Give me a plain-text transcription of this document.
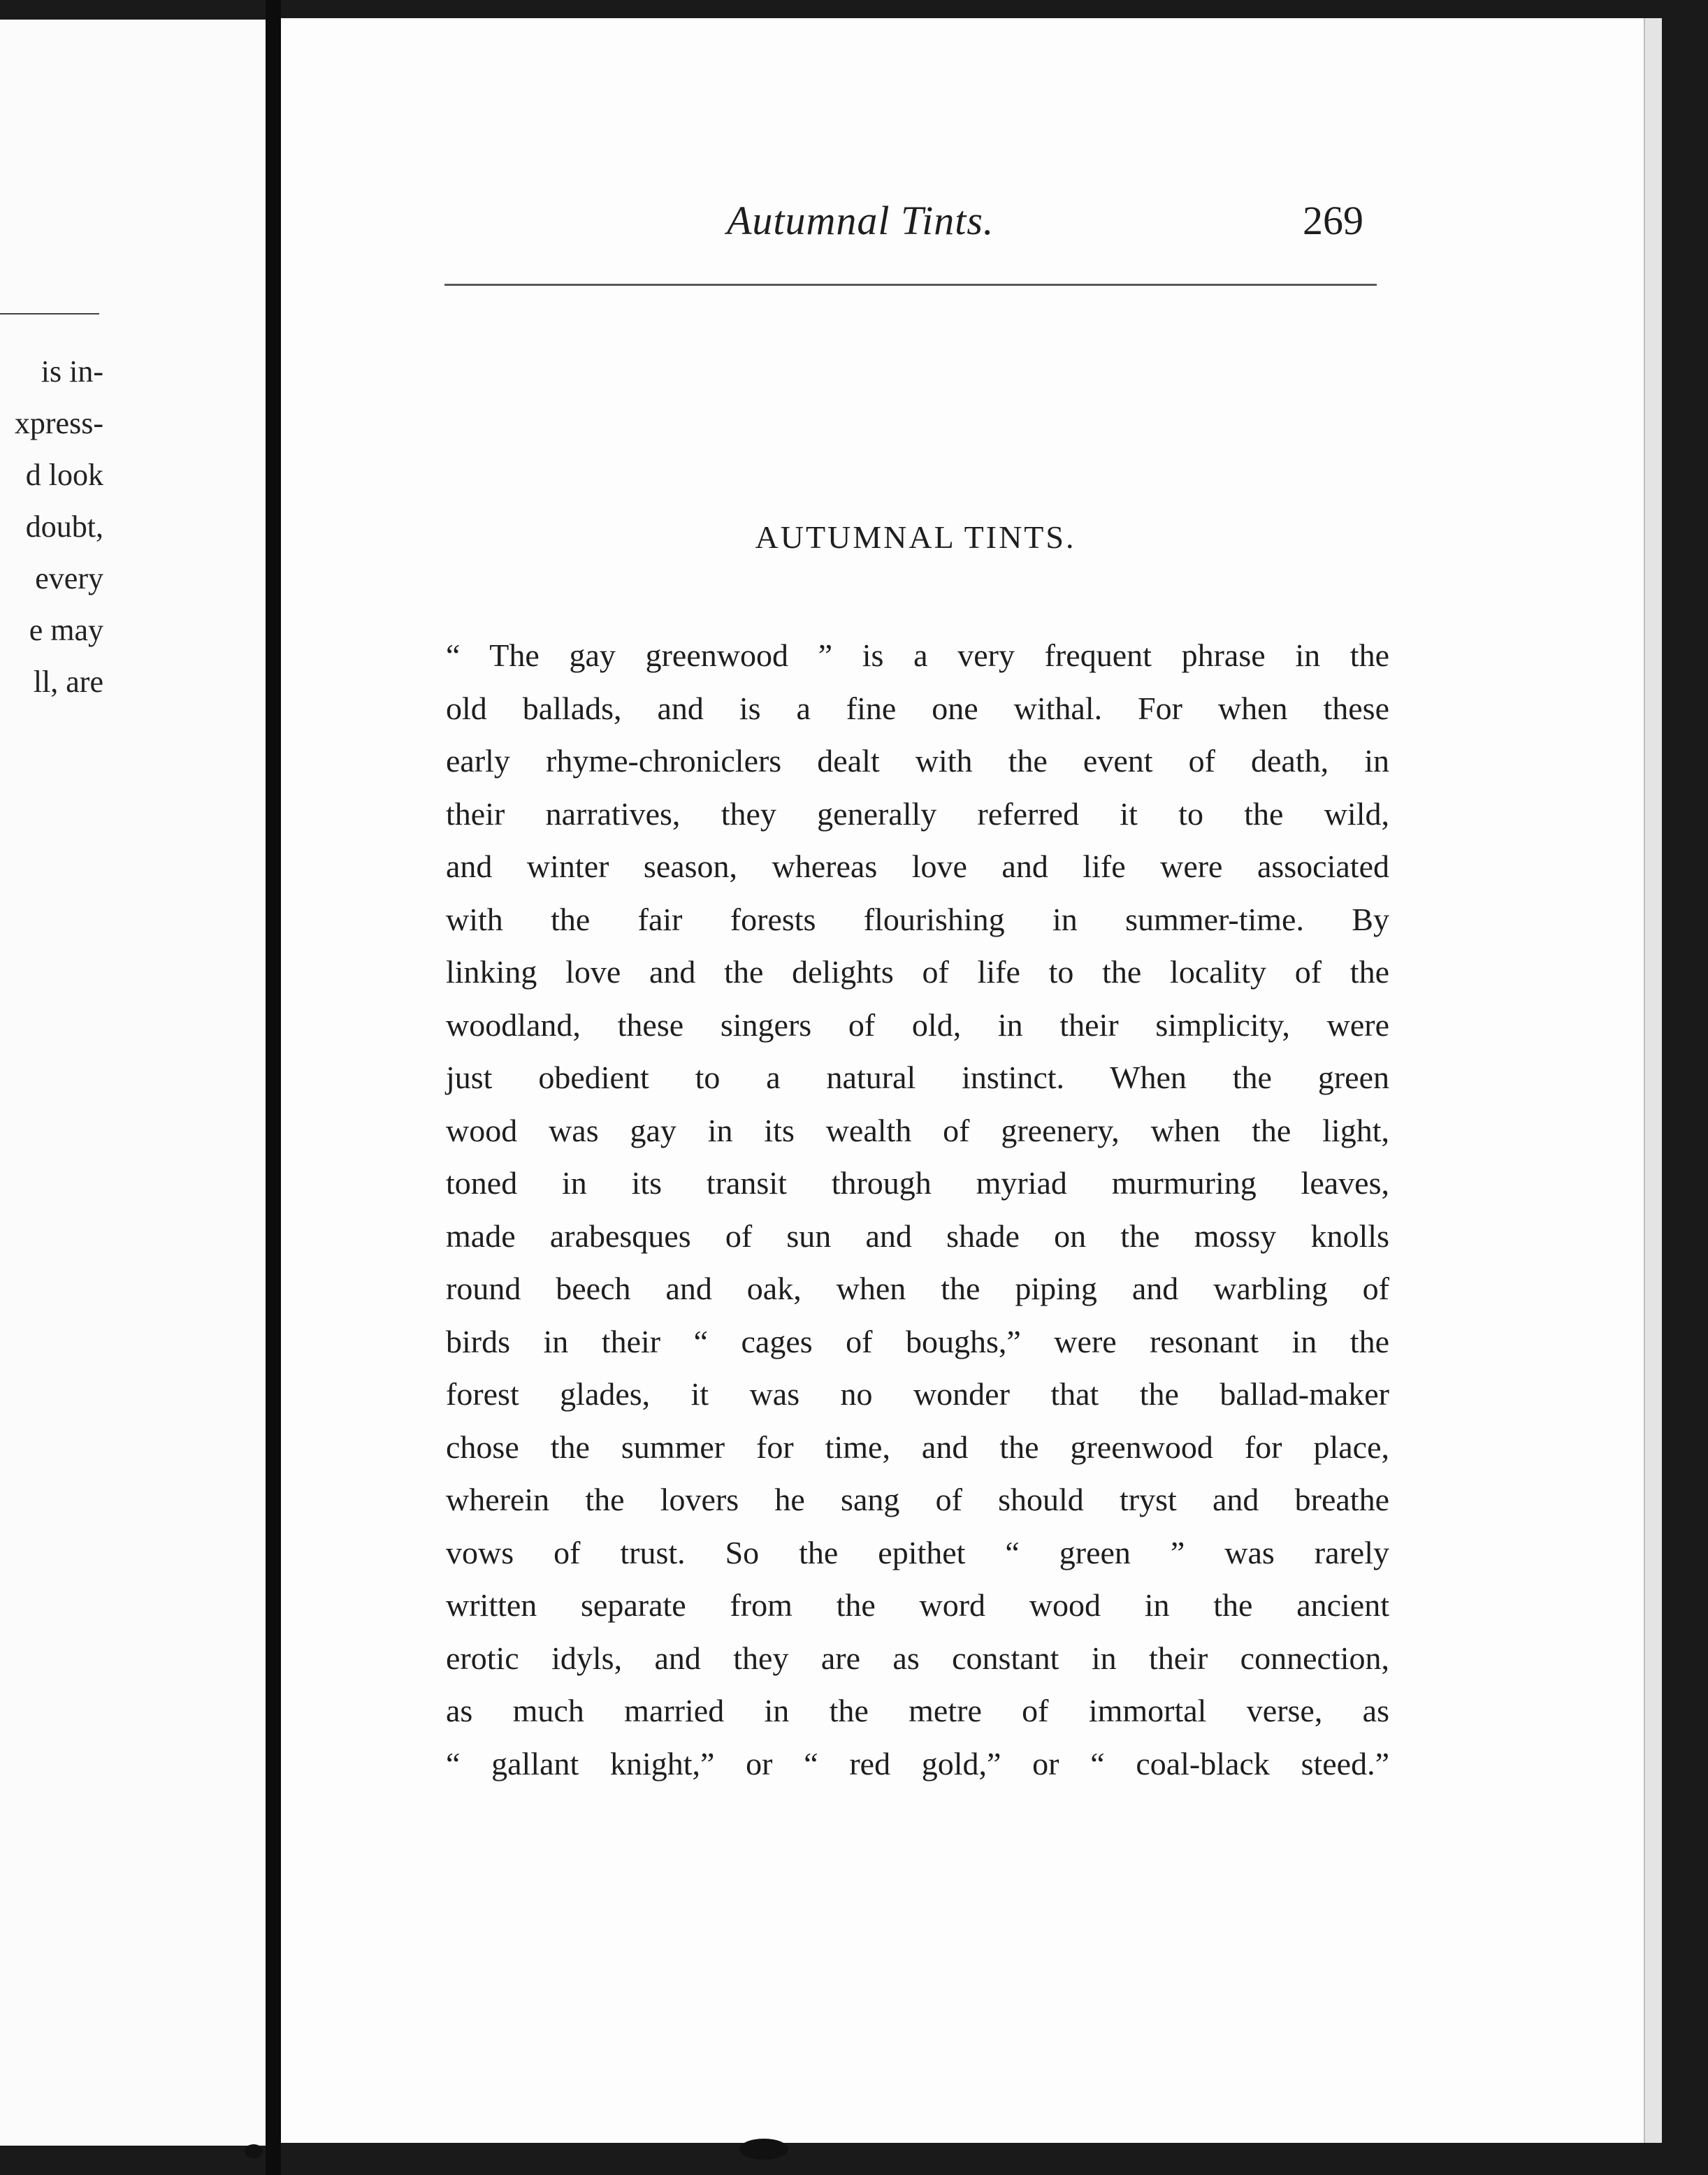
is in-
xpress-
d look
doubt,
every
e may
ll, are
Autumnal Tints.	269
AUTUMNAL TINTS.
“ The gay greenwood ” is a very frequent phrase in the
old ballads, and is a fine one withal. For when these
early rhyme-chroniclers dealt with the event of death, in
their narratives, they generally referred it to the wild,
and winter season, whereas love and life were associated
with the fair forests flourishing in summer-time. By
linking love and the delights of life to the locality of the
woodland, these singers of old, in their simplicity, were
just obedient to a natural instinct. When the green
wood was gay in its wealth of greenery, when the light,
toned in its transit through myriad murmuring leaves,
made arabesques of sun and shade on the mossy knolls
round beech and oak, when the piping and warbling of
birds in their “ cages of boughs,” were resonant in the
forest glades, it was no wonder that the ballad-maker
chose the summer for time, and the greenwood for place,
wherein the lovers he sang of should tryst and breathe
vows of trust. So the epithet “ green ” was rarely
written separate from the word wood in the ancient
erotic idyls, and they are as constant in their connection,
as much married in the metre of immortal verse, as
“ gallant knight,” or “ red gold,” or “ coal-black steed.”
